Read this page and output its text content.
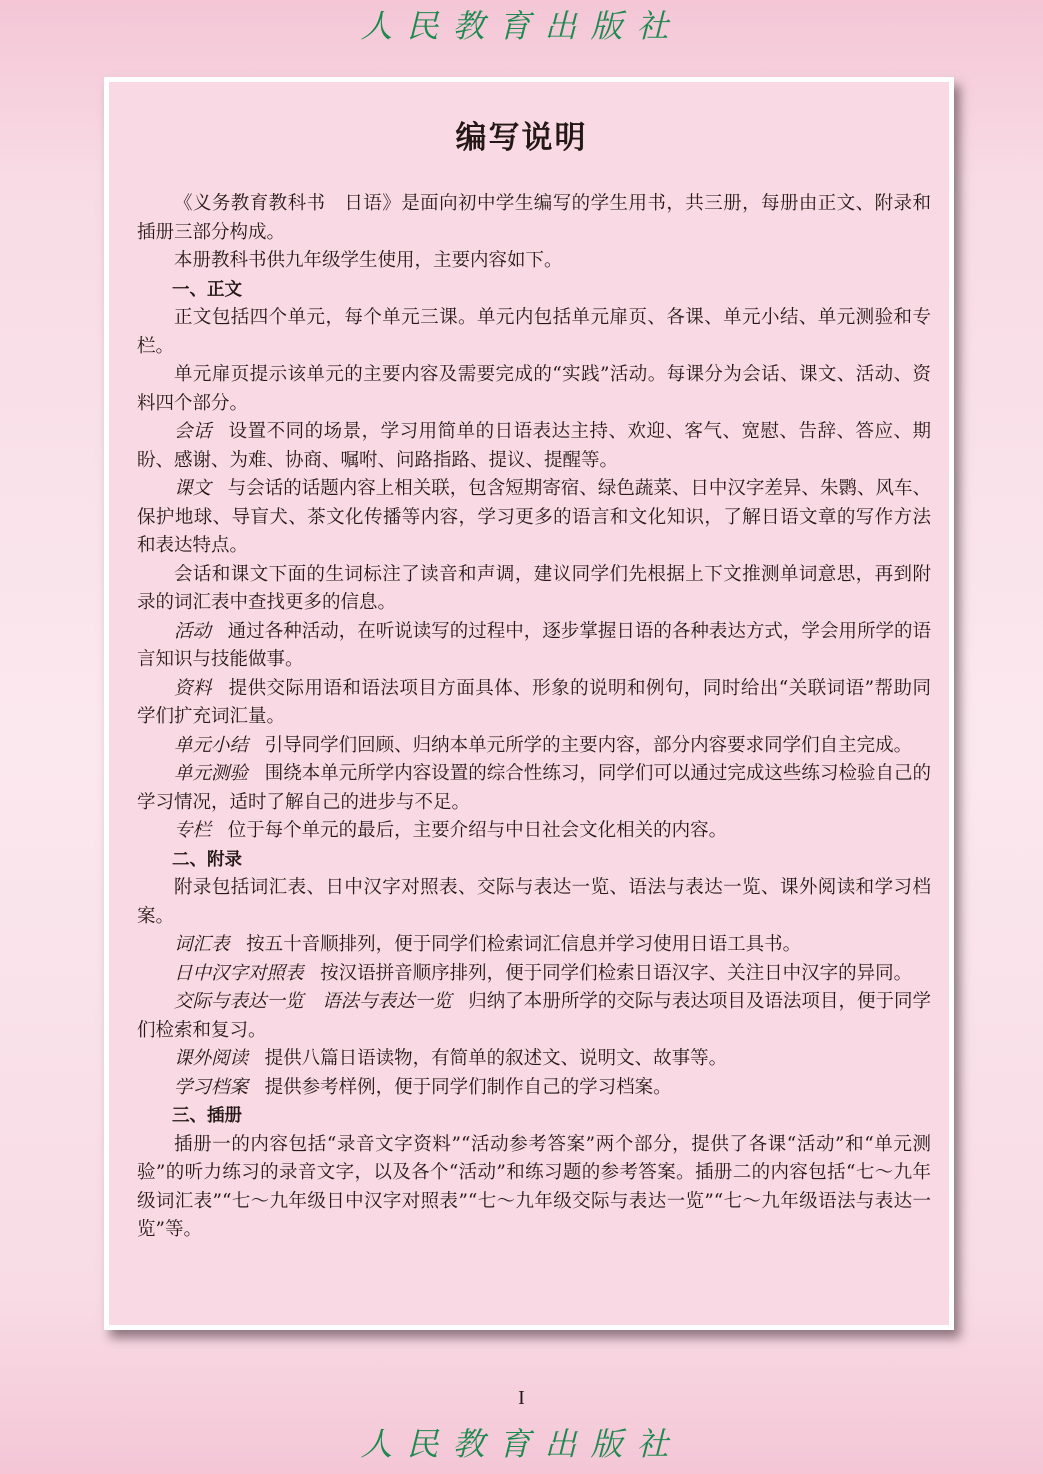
人民教育出版社
编写说明

《义务教育教科书　日语》是面向初中学生编写的学生用书，共三册，每册由正文、附录和插册三部分构成。

本册教科书供九年级学生使用，主要内容如下。

一、正文

正文包括四个单元，每个单元三课。单元内包括单元扉页、各课、单元小结、单元测验和专栏。

单元扉页提示该单元的主要内容及需要完成的“实践”活动。每课分为会话、课文、活动、资料四个部分。

会话 设置不同的场景，学习用简单的日语表达主持、欢迎、客气、宽慰、告辞、答应、期盼、感谢、为难、协商、嘱咐、问路指路、提议、提醒等。

课文 与会话的话题内容上相关联，包含短期寄宿、绿色蔬菜、日中汉字差异、朱鹮、风车、保护地球、导盲犬、茶文化传播等内容，学习更多的语言和文化知识，了解日语文章的写作方法和表达特点。

会话和课文下面的生词标注了读音和声调，建议同学们先根据上下文推测单词意思，再到附录的词汇表中查找更多的信息。

活动 通过各种活动，在听说读写的过程中，逐步掌握日语的各种表达方式，学会用所学的语言知识与技能做事。

资料 提供交际用语和语法项目方面具体、形象的说明和例句，同时给出“关联词语”帮助同学们扩充词汇量。

单元小结 引导同学们回顾、归纳本单元所学的主要内容，部分内容要求同学们自主完成。

单元测验 围绕本单元所学内容设置的综合性练习，同学们可以通过完成这些练习检验自己的学习情况，适时了解自己的进步与不足。

专栏 位于每个单元的最后，主要介绍与中日社会文化相关的内容。

二、附录

附录包括词汇表、日中汉字对照表、交际与表达一览、语法与表达一览、课外阅读和学习档案。

词汇表 按五十音顺排列，便于同学们检索词汇信息并学习使用日语工具书。

日中汉字对照表 按汉语拼音顺序排列，便于同学们检索日语汉字、关注日中汉字的异同。

交际与表达一览　语法与表达一览 归纳了本册所学的交际与表达项目及语法项目，便于同学们检索和复习。

课外阅读 提供八篇日语读物，有简单的叙述文、说明文、故事等。

学习档案 提供参考样例，便于同学们制作自己的学习档案。

三、插册

插册一的内容包括“录音文字资料”“活动参考答案”两个部分，提供了各课“活动”和“单元测验”的听力练习的录音文字，以及各个“活动”和练习题的参考答案。插册二的内容包括“七～九年级词汇表”“七～九年级日中汉字对照表”“七～九年级交际与表达一览”“七～九年级语法与表达一览”等。

I
人民教育出版社
